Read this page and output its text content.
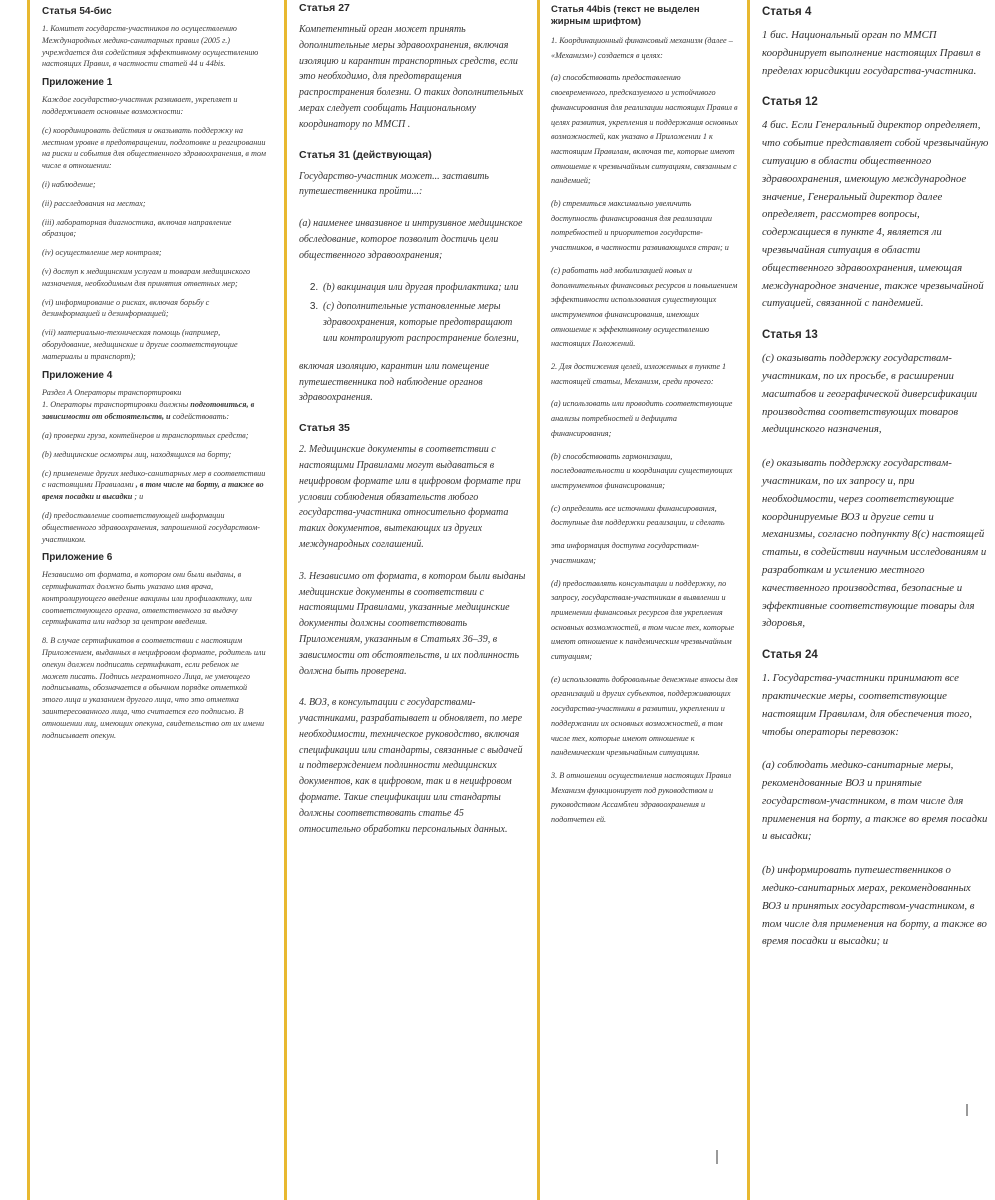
Статья 54-бис

1. Комитет государств-участников по осуществлению Международных медико-санитарных правил (2005 г.) учреждается для содействия эффективному осуществлению настоящих Правил, в частности статей 44 и 44bis.

Приложение 1

Каждое государство-участник развивает, укрепляет и поддерживает основные возможности:

(c) координировать действия и оказывать поддержку на местном уровне в предотвращении, подготовке и реагировании на риски и события для общественного здравоохранения, в том числе в отношении:

(i) наблюдение;

(ii) расследования на местах;

(iii) лабораторная диагностика, включая направление образцов;

(iv) осуществление мер контроля;

(v) доступ к медицинским услугам и товарам медицинского назначения, необходимым для принятия ответных мер;

(vi) информирование о рисках, включая борьбу с дезинформацией и дезинформацией;

(vii) материально-техническая помощь (например, оборудование, медицинские и другие соответствующие материалы и транспорт);

Приложение 4

Раздел А Операторы транспортировки

1. Операторы транспортировки должны подготовиться, в зависимости от обстоятельств, и содействовать:

(a) проверки груза, контейнеров и транспортных средств;

(b) медицинские осмотры лиц, находящихся на борту;

(c) применение других медико-санитарных мер в соответствии с настоящими Правилами , в том числе на борту, а также во время посадки и высадки ; и

(d) предоставление соответствующей информации общественного здравоохранения, запрошенной государством-участником.

Приложение 6

Независимо от формата, в котором они были выданы, в сертификатах должно быть указано имя врача, контролирующего введение вакцины или профилактику, или соответствующего органа, ответственного за выдачу сертификата или надзор за центром введения.

8. В случае сертификатов в соответствии с настоящим Приложением, выданных в нецифровом формате, родитель или опекун должен подписать сертификат, если ребенок не может писать. Подпись неграмотного Лица, не умеющего подписывать, обозначается в обычном порядке отметкой этого лица и указанием другого лица, что это отметка заинтересованного лица, что считается его подписью. В отношении лиц, имеющих опекуна, свидетельство от их имени подписывает опекун.

Статья 27

Компетентный орган может принять дополнительные меры здравоохранения, включая изоляцию и карантин транспортных средств, если это необходимо, для предотвращения распространения болезни. О таких дополнительных мерах следует сообщать Национальному координатору по ММСП .

Статья 31 (действующая)

Государство-участник может... заставить путешественника пройти...:

(a) наименее инвазивное и интрузивное медицинское обследование, которое позволит достичь цели общественного здравоохранения;

2. (b) вакцинация или другая профилактика; или
3. (c) дополнительные установленные меры здравоохранения, которые предотвращают или контролируют распространение болезни,

включая изоляцию, карантин или помещение путешественника под наблюдение органов здравоохранения.

Статья 35

2. Медицинские документы в соответствии с настоящими Правилами могут выдаваться в нецифровом формате или в цифровом формате при условии соблюдения обязательств любого государства-участника относительно формата таких документов, вытекающих из других международных соглашений.

3. Независимо от формата, в котором были выданы медицинские документы в соответствии с настоящими Правилами, указанные медицинские документы должны соответствовать Приложениям, указанным в Статьях 36–39, в зависимости от обстоятельств, и их подлинность должна быть проверена.

4. ВОЗ, в консультации с государствами-участниками, разрабатывает и обновляет, по мере необходимости, техническое руководство, включая спецификации или стандарты, связанные с выдачей и подтверждением подлинности медицинских документов, как в цифровом, так и в нецифровом формате. Такие спецификации или стандарты должны соответствовать статье 45 относительно обработки персональных данных.

Статья 44bis (текст не выделен жирным шрифтом)

1. Координационный финансовый механизм (далее – «Механизм») создается в целях:

(a) способствовать предоставлению своевременного, предсказуемого и устойчивого финансирования для реализации настоящих Правил в целях развития, укрепления и поддержания основных возможностей, как указано в Приложении 1 к настоящим Правилам, включая те, которые имеют отношение к чрезвычайным ситуациям, связанным с пандемией;

(b) стремиться максимально увеличить доступность финансирования для реализации потребностей и приоритетов государств-участников, в частности развивающихся стран; и

(c) работать над мобилизацией новых и дополнительных финансовых ресурсов и повышением эффективности использования существующих инструментов финансирования, имеющих отношение к эффективному осуществлению настоящих Положений.

2. Для достижения целей, изложенных в пункте 1 настоящей статьи, Механизм, среди прочего:

(a) использовать или проводить соответствующие анализы потребностей и дефицита финансирования;

(b) способствовать гармонизации, последовательности и координации существующих инструментов финансирования;

(c) определить все источники финансирования, доступные для поддержки реализации, и сделать

эта информация доступна государствам-участникам;

(d) предоставлять консультации и поддержку, по запросу, государствам-участникам в выявлении и применении финансовых ресурсов для укрепления основных возможностей, в том числе тех, которые имеют отношение к пандемическим чрезвычайным ситуациям;

(e) использовать добровольные денежные взносы для организаций и других субъектов, поддерживающих государства-участники в развитии, укреплении и поддержании их основных возможностей, в том числе тех, которые имеют отношение к пандемическим чрезвычайным ситуациям.

3. В отношении осуществления настоящих Правил Механизм функционирует под руководством и руководством Ассамблеи здравоохранения и подотчетен ей.

Статья 4

1 бис. Национальный орган по ММСП координирует выполнение настоящих Правил в пределах юрисдикции государства-участника.

Статья 12

4 бис. Если Генеральный директор определяет, что событие представляет собой чрезвычайную ситуацию в области общественного здравоохранения, имеющую международное значение, Генеральный директор далее определяет, рассмотрев вопросы, содержащиеся в пункте 4, является ли чрезвычайная ситуация в области общественного здравоохранения, имеющая международное значение, также чрезвычайной ситуацией, связанной с пандемией.

Статья 13

(c) оказывать поддержку государствам-участникам, по их просьбе, в расширении масштабов и географической диверсификации производства соответствующих товаров медицинского назначения,

(e) оказывать поддержку государствам-участникам, по их запросу и, при необходимости, через соответствующие координируемые ВОЗ и другие сети и механизмы, согласно подпункту 8(c) настоящей статьи, в содействии научным исследованиям и разработкам и усилению местного качественного производства, безопасные и эффективные соответствующие товары для здоровья,

Статья 24

1. Государства-участники принимают все практические меры, соответствующие настоящим Правилам, для обеспечения того, чтобы операторы перевозок:

(a) соблюдать медико-санитарные меры, рекомендованные ВОЗ и принятые государством-участником, в том числе для применения на борту, а также во время посадки и высадки;

(b) информировать путешественников о медико-санитарных мерах, рекомендованных ВОЗ и принятых государством-участником, в том числе для применения на борту, а также во время посадки и высадки; и
